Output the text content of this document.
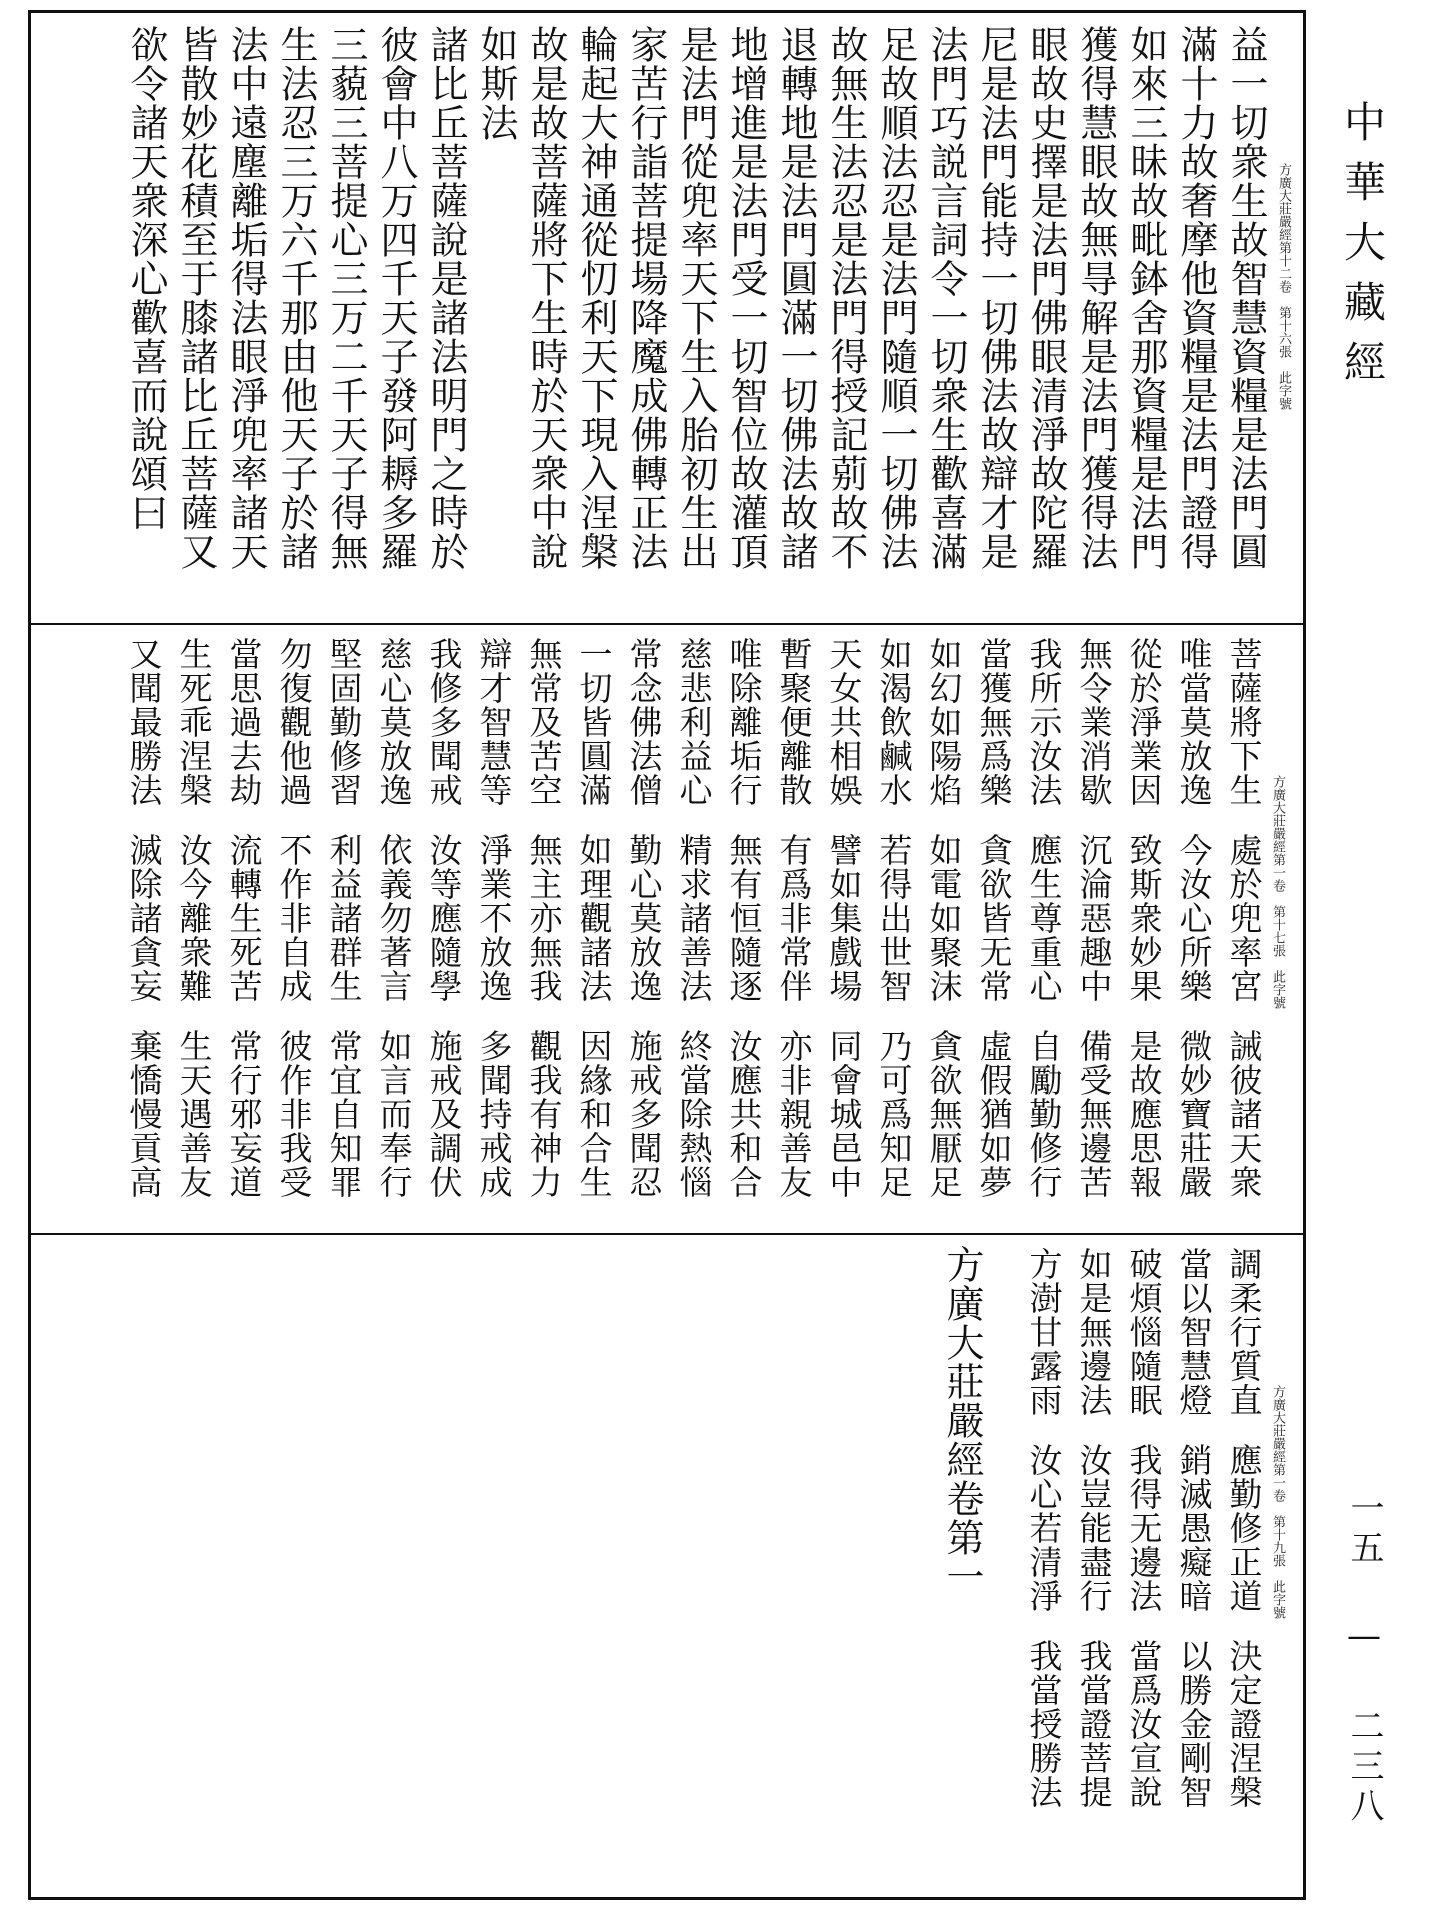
方廣大莊嚴經第十二卷　第十六張　此字號
益一切衆生故智慧資糧是法門圓
滿十力故奢摩他資糧是法門證得
如來三昧故毗鉢舍那資糧是法門
獲得慧眼故無㝵解是法門獲得法
眼故史擇是法門佛眼清淨故陀羅
尼是法門能持一切佛法故辯才是
法門巧説言詞令一切衆生歡喜滿
足故順法忍是法門隨順一切佛法
故無生法忍是法門得授記莂故不
退轉地是法門圓滿一切佛法故諸
地增進是法門受一切智位故灌頂
是法門從兜率天下生入胎初生出
家苦行詣菩提場降魔成佛轉正法
輪起大神通從忉利天下現入涅槃
故是故菩薩將下生時於天衆中說
如斯法
諸比丘菩薩說是諸法明門之時於
彼會中八万四千天子發阿耨多羅
三藐三菩提心三万二千天子得無
生法忍三万六千那由他天子於諸
法中遠塵離垢得法眼淨兜率諸天
皆散妙花積至于膝諸比丘菩薩又
欲令諸天衆深心歡喜而說頌曰
方廣大莊嚴經第一卷　第十七張　此字號
菩薩將下生處於兜率宮誡彼諸天衆
唯當莫放逸今汝心所樂微妙寶莊嚴
從於淨業因致斯衆妙果是故應思報
無令業消歇沉淪惡趣中備受無邊苦
我所示汝法應生尊重心自勵勤修行
當獲無爲樂貪欲皆无常虛假猶如夢
如幻如陽焰如電如聚沫貪欲無厭足
如渴飲鹹水若得出世智乃可爲知足
天女共相娛譬如集戲場同會城邑中
暫聚便離散有爲非常伴亦非親善友
唯除離垢行無有恒隨逐汝應共和合
慈悲利益心精求諸善法終當除熱惱
常念佛法僧勤心莫放逸施戒多聞忍
一切皆圓滿如理觀諸法因緣和合生
無常及苦空無主亦無我觀我有神力
辯才智慧等淨業不放逸多聞持戒成
我修多聞戒汝等應隨學施戒及調伏
慈心莫放逸依義勿著言如言而奉行
堅固勤修習利益諸群生常宜自知罪
勿復觀他過不作非自成彼作非我受
當思過去劫流轉生死苦常行邪妄道
生死乖涅槃汝今離衆難生天遇善友
又聞最勝法滅除諸貪妄棄憍慢貢高
方廣大莊嚴經第一卷　第十九張　此字號
調柔行質直應勤修正道決定證涅槃
當以智慧燈銷滅愚癡暗以勝金剛智
破煩惱隨眠我得无邊法當爲汝宣說
如是無邊法汝豈能盡行我當證菩提
方澍甘露雨汝心若清淨我當授勝法
方廣大莊嚴經卷第一
中華大藏經
一五 — 二三八
